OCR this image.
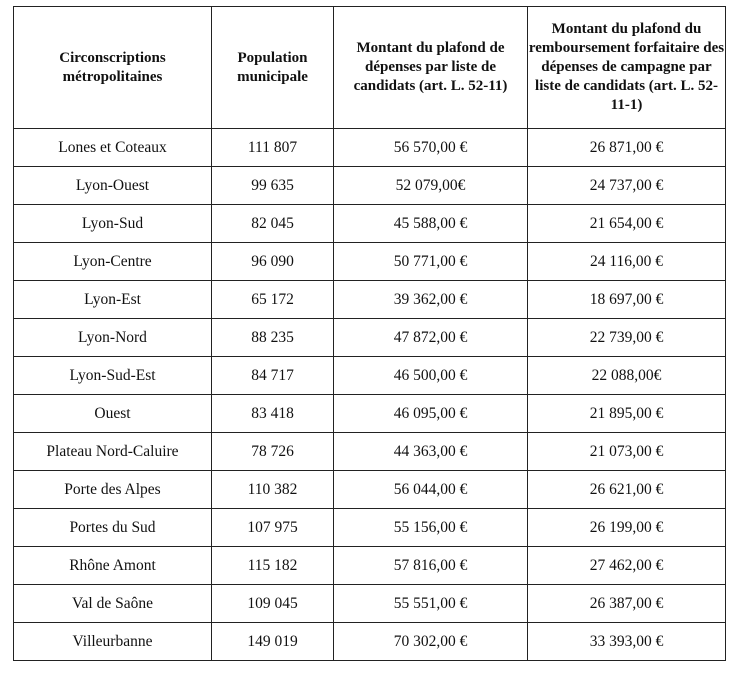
Circonscriptions métropolitaines	Population municipale	Montant du plafond de dépenses par liste de candidats (art. L. 52-11)	Montant du plafond du remboursement forfaitaire des dépenses de campagne par liste de candidats (art. L. 52-11-1)
Lones et Coteaux	111 807	56 570,00 €	26 871,00 €
Lyon-Ouest	99 635	52 079,00€	24 737,00 €
Lyon-Sud	82 045	45 588,00 €	21 654,00 €
Lyon-Centre	96 090	50 771,00 €	24 116,00 €
Lyon-Est	65 172	39 362,00 €	18 697,00 €
Lyon-Nord	88 235	47 872,00 €	22 739,00 €
Lyon-Sud-Est	84 717	46 500,00 €	22 088,00€
Ouest	83 418	46 095,00 €	21 895,00 €
Plateau Nord-Caluire	78 726	44 363,00 €	21 073,00 €
Porte des Alpes	110 382	56 044,00 €	26 621,00 €
Portes du Sud	107 975	55 156,00 €	26 199,00 €
Rhône Amont	115 182	57 816,00 €	27 462,00 €
Val de Saône	109 045	55 551,00 €	26 387,00 €
Villeurbanne	149 019	70 302,00 €	33 393,00 €
